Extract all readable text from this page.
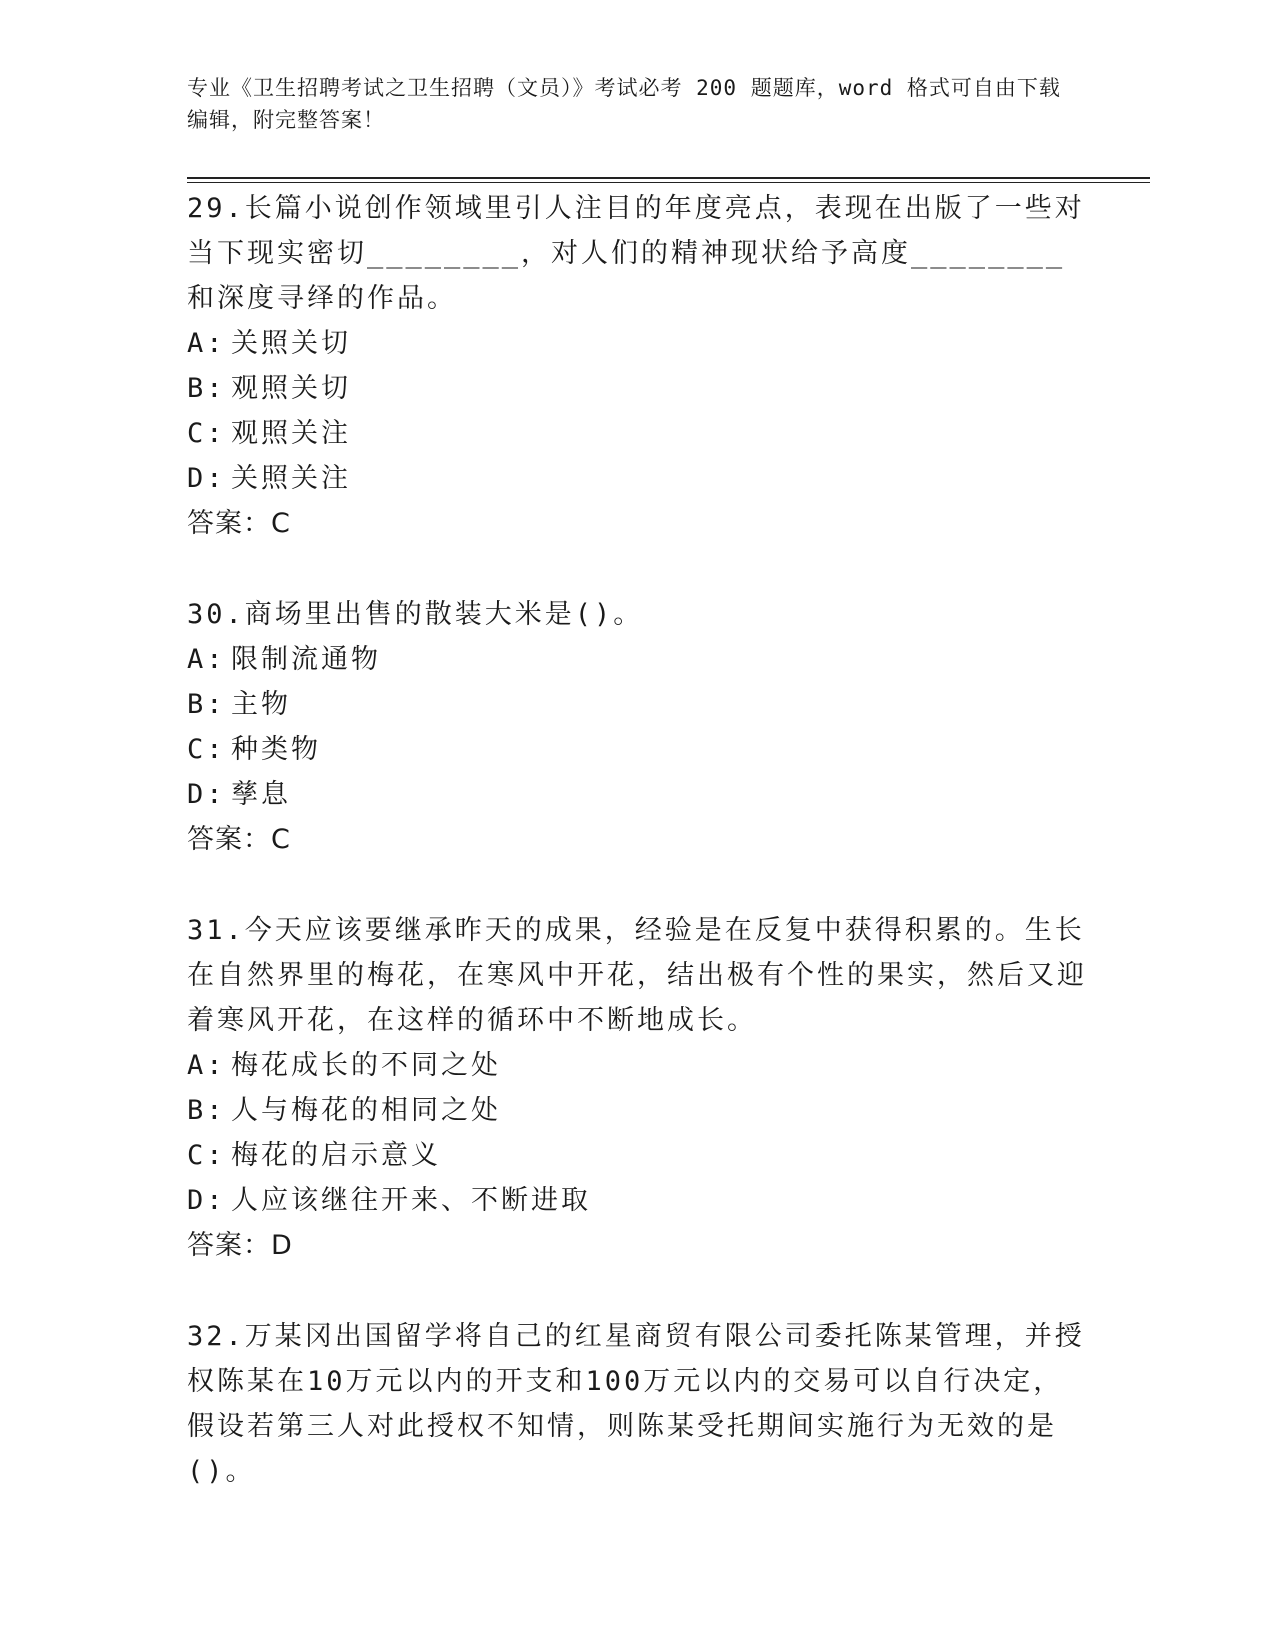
专业《卫生招聘考试之卫生招聘（文员）》考试必考 200 题题库，word 格式可自由下载编辑，附完整答案！
29.长篇小说创作领域里引人注目的年度亮点，表现在出版了一些对当下现实密切________，对人们的精神现状给予高度________和深度寻绎的作品。
A: 关照关切
B: 观照关切
C: 观照关注
D: 关照关注
答案：C
30.商场里出售的散装大米是()。
A: 限制流通物
B: 主物
C: 种类物
D: 孳息
答案：C
31.今天应该要继承昨天的成果，经验是在反复中获得积累的。生长在自然界里的梅花，在寒风中开花，结出极有个性的果实，然后又迎着寒风开花，在这样的循环中不断地成长。
A: 梅花成长的不同之处
B: 人与梅花的相同之处
C: 梅花的启示意义
D: 人应该继往开来、不断进取
答案：D
32.万某冈出国留学将自己的红星商贸有限公司委托陈某管理，并授权陈某在10万元以内的开支和100万元以内的交易可以自行决定，假设若第三人对此授权不知情，则陈某受托期间实施行为无效的是()。
